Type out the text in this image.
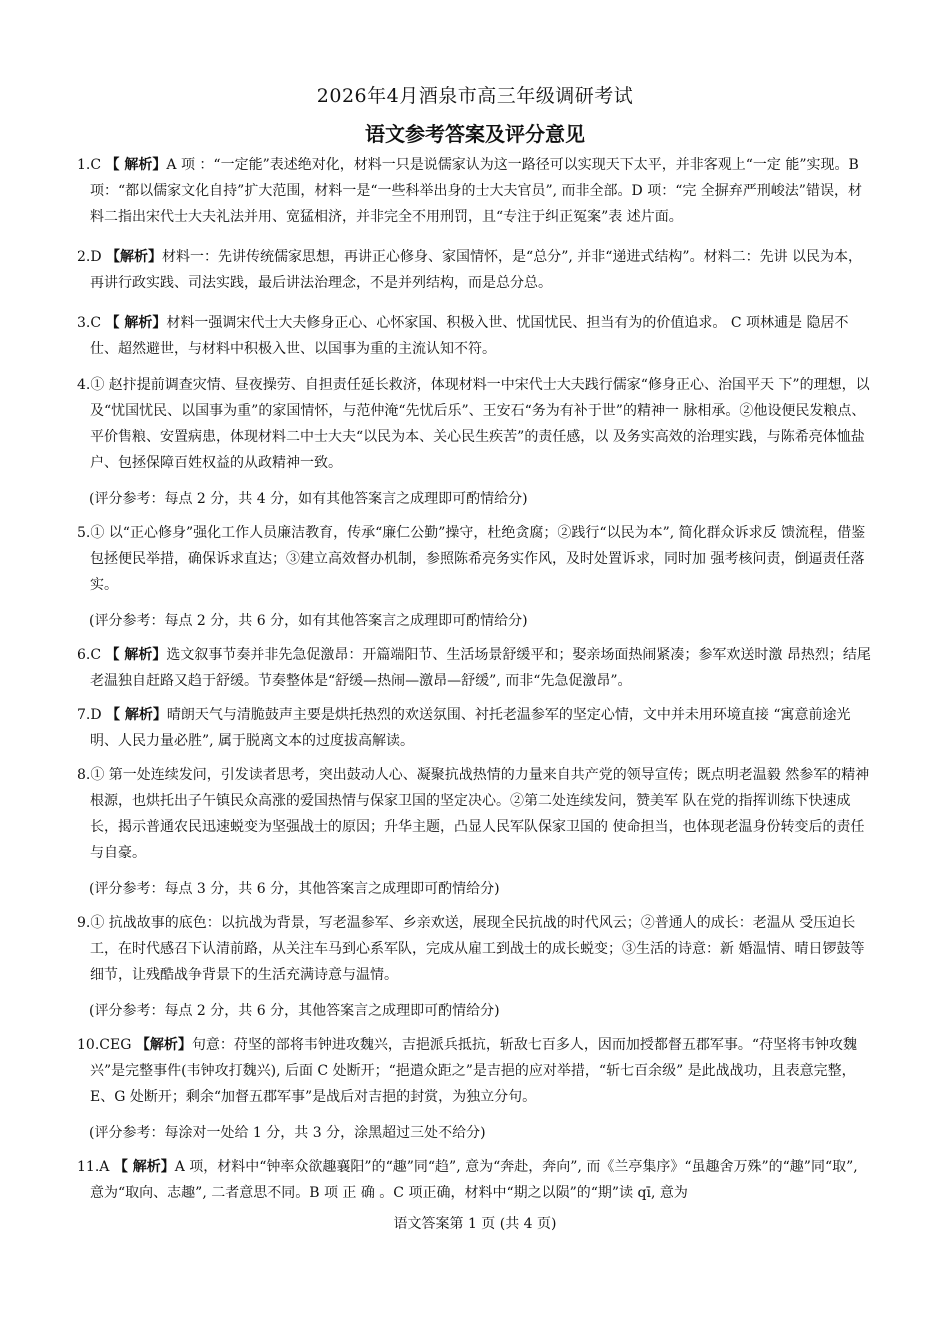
2026年4月酒泉市高三年级调研考试
语文参考答案及评分意见

1.C 【 解析】A 项 ：“一定能”表述绝对化，材料一只是说儒家认为这一路径可以实现天下太平，并非客观上“一定 能”实现。B 项：“都以儒家文化自持”扩大范围，材料一是“一些科举出身的士大夫官员”, 而非全部。D 项：“完 全摒弃严刑峻法”错误，材料二指出宋代士大夫礼法并用、宽猛相济，并非完全不用刑罚，且“专注于纠正冤案”表 述片面。

2.D 【解析】材料一：先讲传统儒家思想，再讲正心修身、家国情怀，是“总分”, 并非“递进式结构”。材料二：先讲 以民为本，再讲行政实践、司法实践，最后讲法治理念，不是并列结构，而是总分总。

3.C 【 解析】材料一强调宋代士大夫修身正心、心怀家国、积极入世、忧国忧民、担当有为的价值追求。 C 项林逋是 隐居不仕、超然避世，与材料中积极入世、以国事为重的主流认知不符。

4.① 赵抃提前调查灾情、昼夜操劳、自担责任延长救济，体现材料一中宋代士大夫践行儒家“修身正心、治国平天 下”的理想，以及“忧国忧民、以国事为重”的家国情怀，与范仲淹“先忧后乐”、王安石“务为有补于世”的精神一 脉相承。②他设便民发粮点、平价售粮、安置病患，体现材料二中士大夫“以民为本、关心民生疾苦”的责任感，以 及务实高效的治理实践，与陈希亮体恤盐户、包拯保障百姓权益的从政精神一致。

(评分参考：每点 2 分，共 4 分，如有其他答案言之成理即可酌情给分)

5.① 以“正心修身”强化工作人员廉洁教育，传承“廉仁公勤”操守，杜绝贪腐；②践行“以民为本”, 简化群众诉求反 馈流程，借鉴包拯便民举措，确保诉求直达；③建立高效督办机制，参照陈希亮务实作风，及时处置诉求，同时加 强考核问责，倒逼责任落实。

(评分参考：每点 2 分，共 6 分，如有其他答案言之成理即可酌情给分)

6.C 【 解析】选文叙事节奏并非先急促激昂：开篇端阳节、生活场景舒缓平和；娶亲场面热闹紧凑；参军欢送时激 昂热烈；结尾老温独自赶路又趋于舒缓。节奏整体是“舒缓—热闹—激昂—舒缓”, 而非“先急促激昂”。

7.D 【 解析】晴朗天气与清脆鼓声主要是烘托热烈的欢送氛围、衬托老温参军的坚定心情，文中并未用环境直接 “寓意前途光明、人民力量必胜”, 属于脱离文本的过度拔高解读。

8.① 第一处连续发问，引发读者思考，突出鼓动人心、凝聚抗战热情的力量来自共产党的领导宣传；既点明老温毅 然参军的精神根源，也烘托出子午镇民众高涨的爱国热情与保家卫国的坚定决心。②第二处连续发问，赞美军 队在党的指挥训练下快速成长，揭示普通农民迅速蜕变为坚强战士的原因；升华主题，凸显人民军队保家卫国的 使命担当，也体现老温身份转变后的责任与自豪。

(评分参考：每点 3 分，共 6 分，其他答案言之成理即可酌情给分)

9.① 抗战故事的底色：以抗战为背景，写老温参军、乡亲欢送，展现全民抗战的时代风云；②普通人的成长：老温从 受压迫长工，在时代感召下认清前路，从关注车马到心系军队，完成从雇工到战士的成长蜕变；③生活的诗意：新 婚温情、晴日锣鼓等细节，让残酷战争背景下的生活充满诗意与温情。

(评分参考：每点 2 分，共 6 分，其他答案言之成理即可酌情给分)

10.CEG 【解析】句意：苻坚的部将韦钟进攻魏兴，吉挹派兵抵抗，斩敌七百多人，因而加授都督五郡军事。“苻坚将韦钟攻魏兴”是完整事件(韦钟攻打魏兴), 后面 C 处断开；“挹遣众距之”是吉挹的应对举措，“斩七百余级” 是此战战功，且表意完整，E、G 处断开；剩余“加督五郡军事”是战后对吉挹的封赏，为独立分句。

(评分参考：每涂对一处给 1 分，共 3 分，涂黑超过三处不给分)

11.A 【 解析】A 项，材料中“钟率众欲趣襄阳”的“趣”同“趋”, 意为“奔赴，奔向”, 而《兰亭集序》“虽趣舍万殊”的“趣”同“取”, 意为“取向、志趣”, 二者意思不同。B 项 正 确 。C 项正确，材料中“期之以陨”的“期”读 qī, 意为

语文答案第 1 页 (共 4 页)
